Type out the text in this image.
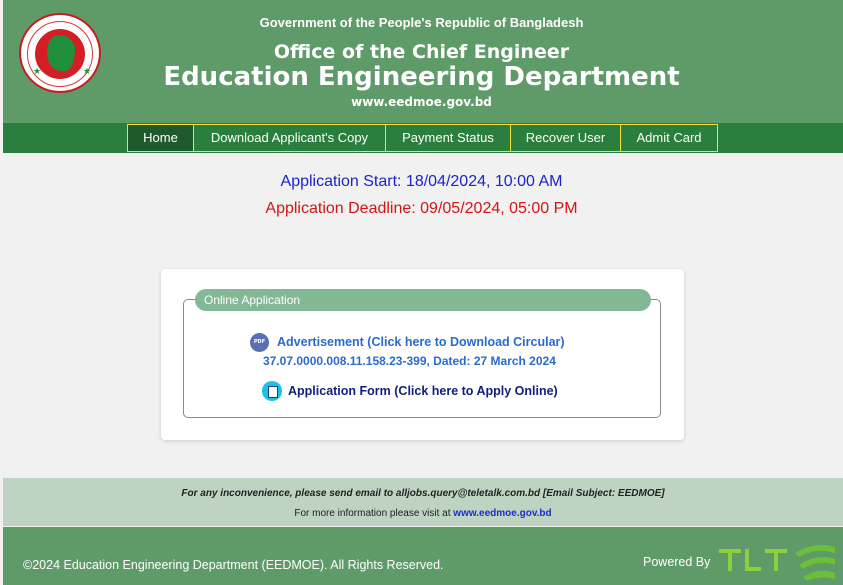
★	★
Government of the People's Republic of Bangladesh
Office of the Chief Engineer
Education Engineering Department
www.eedmoe.gov.bd
Home	Download Applicant's Copy	Payment Status	Recover User	Admit Card
Application Start: 18/04/2024, 10:00 AM
Application Deadline: 09/05/2024, 05:00 PM
Online Application
PDF Advertisement (Click here to Download Circular)
37.07.0000.008.11.158.23-399, Dated: 27 March 2024
Application Form (Click here to Apply Online)
For any inconvenience, please send email to alljobs.query@teletalk.com.bd [Email Subject: EEDMOE]
For more information please visit at www.eedmoe.gov.bd
©2024 Education Engineering Department (EEDMOE). All Rights Reserved.	Powered By
